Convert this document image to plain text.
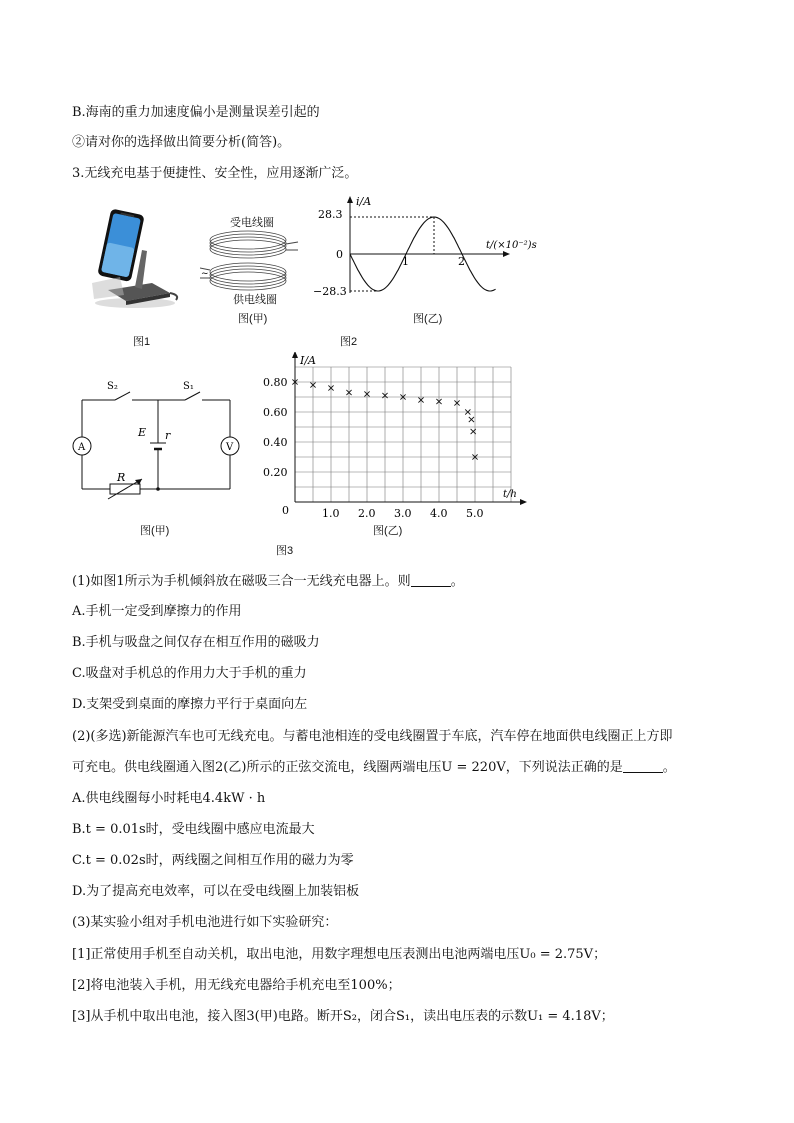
B.海南的重力加速度偏小是测量误差引起的
②请对你的选择做出简要分析(简答)。
3.无线充电基于便捷性、安全性，应用逐渐广泛。
图1
~
受电线圈
供电线圈
图(甲)
28.3
0
−28.3
1	2
i/A
t/(×10⁻²)s
图(乙)
图2
S₂	S₁
E r
R
A	V
图(甲)
1.0 2.0 3.0 4.0 5.0
0.80
0.60
0.40
0.20
I/A
t/h
0
图(乙)
图3
(1)如图1所示为手机倾斜放在磁吸三合一无线充电器上。则	。
A.手机一定受到摩擦力的作用
B.手机与吸盘之间仅存在相互作用的磁吸力
C.吸盘对手机总的作用力大于手机的重力
D.支架受到桌面的摩擦力平行于桌面向左
(2)(多选)新能源汽车也可无线充电。与蓄电池相连的受电线圈置于车底，汽车停在地面供电线圈正上方即
可充电。供电线圈通入图2(乙)所示的正弦交流电，线圈两端电压U = 220V，下列说法正确的是	。
A.供电线圈每小时耗电4.4kW · h
B.t = 0.01s时，受电线圈中感应电流最大
C.t = 0.02s时，两线圈之间相互作用的磁力为零
D.为了提高充电效率，可以在受电线圈上加装铝板
(3)某实验小组对手机电池进行如下实验研究：
[1]正常使用手机至自动关机，取出电池，用数字理想电压表测出电池两端电压U₀ = 2.75V；
[2]将电池装入手机，用无线充电器给手机充电至100%；
[3]从手机中取出电池，接入图3(甲)电路。断开S₂，闭合S₁，读出电压表的示数U₁ = 4.18V；
